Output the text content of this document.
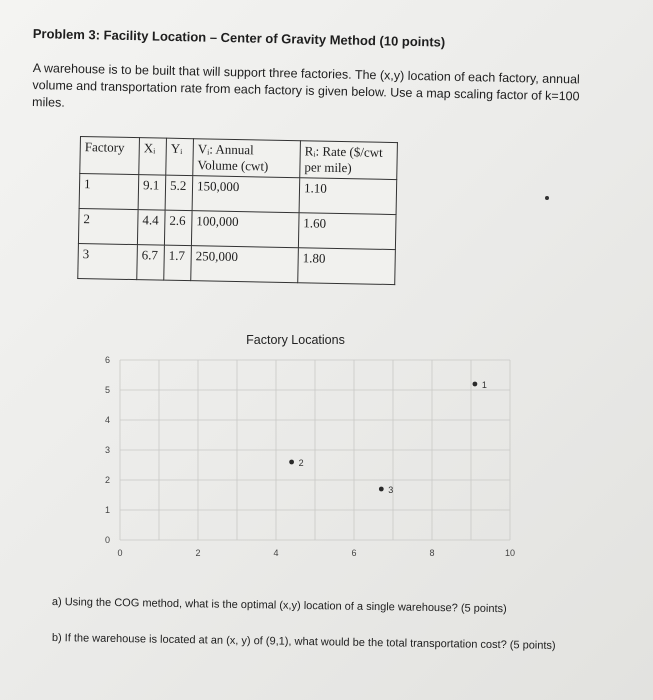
Problem 3: Facility Location – Center of Gravity Method (10 points)
A warehouse is to be built that will support three factories. The (x,y) location of each factory, annual volume and transportation rate from each factory is given below. Use a map scaling factor of k=100 miles.
Factory	Xᵢ	Yᵢ	Vᵢ: Annual Volume (cwt)	Rᵢ: Rate ($/cwt per mile)
1	9.1	5.2	150,000	1.10
2	4.4	2.6	100,000	1.60
3	6.7	1.7	250,000	1.80
Factory Locations
0	2	4	6	8	10
0
1
2
3
4
5
6
1
2
3
a) Using the COG method, what is the optimal (x,y) location of a single warehouse? (5 points)
b) If the warehouse is located at an (x, y) of (9,1), what would be the total transportation cost? (5 points)
